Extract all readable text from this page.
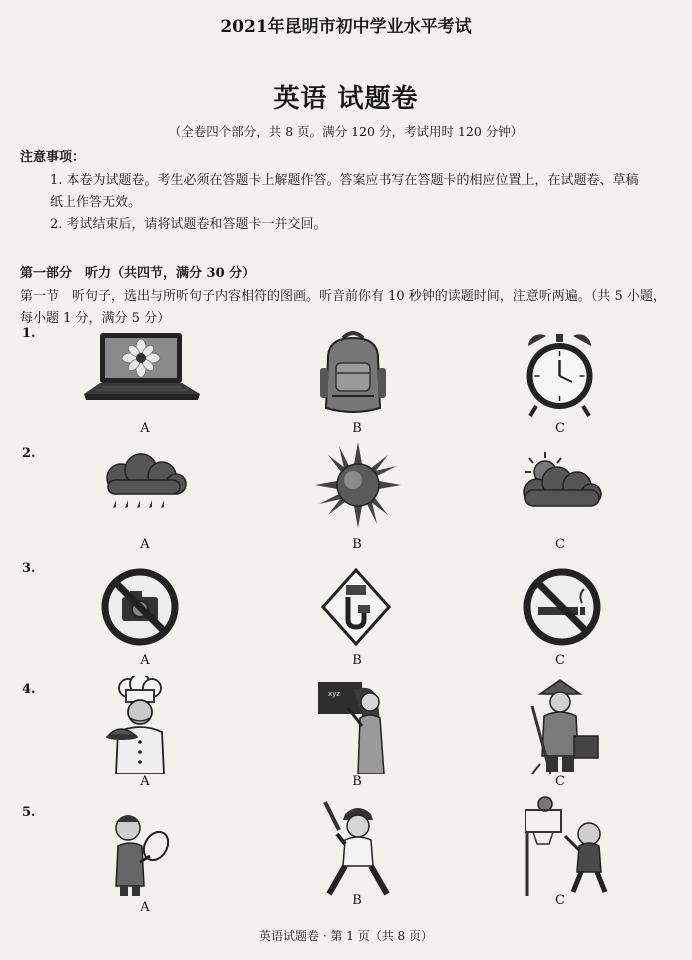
2021年昆明市初中学业水平考试
英语 试题卷
（全卷四个部分，共 8 页。满分 120 分，考试用时 120 分钟）
注意事项：
1. 本卷为试题卷。考生必须在答题卡上解题作答。答案应书写在答题卡的相应位置上，在试题卷、草稿纸上作答无效。
2. 考试结束后，请将试题卷和答题卡一并交回。
第一部分　听力（共四节，满分 30 分）
第一节　听句子，选出与所听句子内容相符的图画。听音前你有 10 秒钟的读题时间，注意听两遍。（共 5 小题，每小题 1 分，满分 5 分）
1.
2.
3.
4.
5.
A	B	C
A	B	C
A	B	C
xyz
A	B	C
A	B	C
英语试题卷 · 第 1 页（共 8 页）
